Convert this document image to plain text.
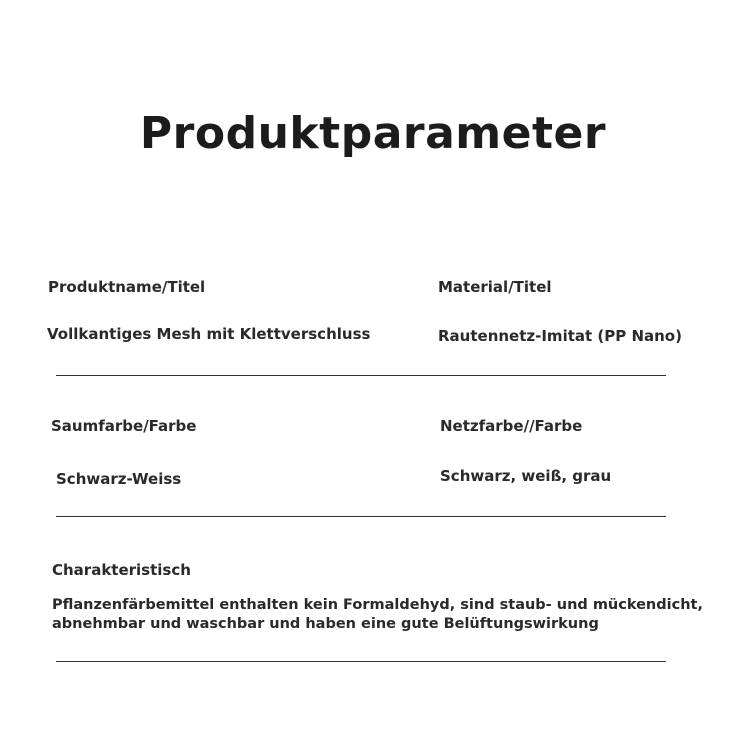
Produktparameter
Produktname/Titel
Vollkantiges Mesh mit Klettverschluss
Material/Titel
Rautennetz-Imitat (PP Nano)
Saumfarbe/Farbe
Schwarz-Weiss
Netzfarbe//Farbe
Schwarz, weiß, grau
Charakteristisch
Pflanzenfärbemittel enthalten kein Formaldehyd, sind staub- und mückendicht,
abnehmbar und waschbar und haben eine gute Belüftungswirkung
